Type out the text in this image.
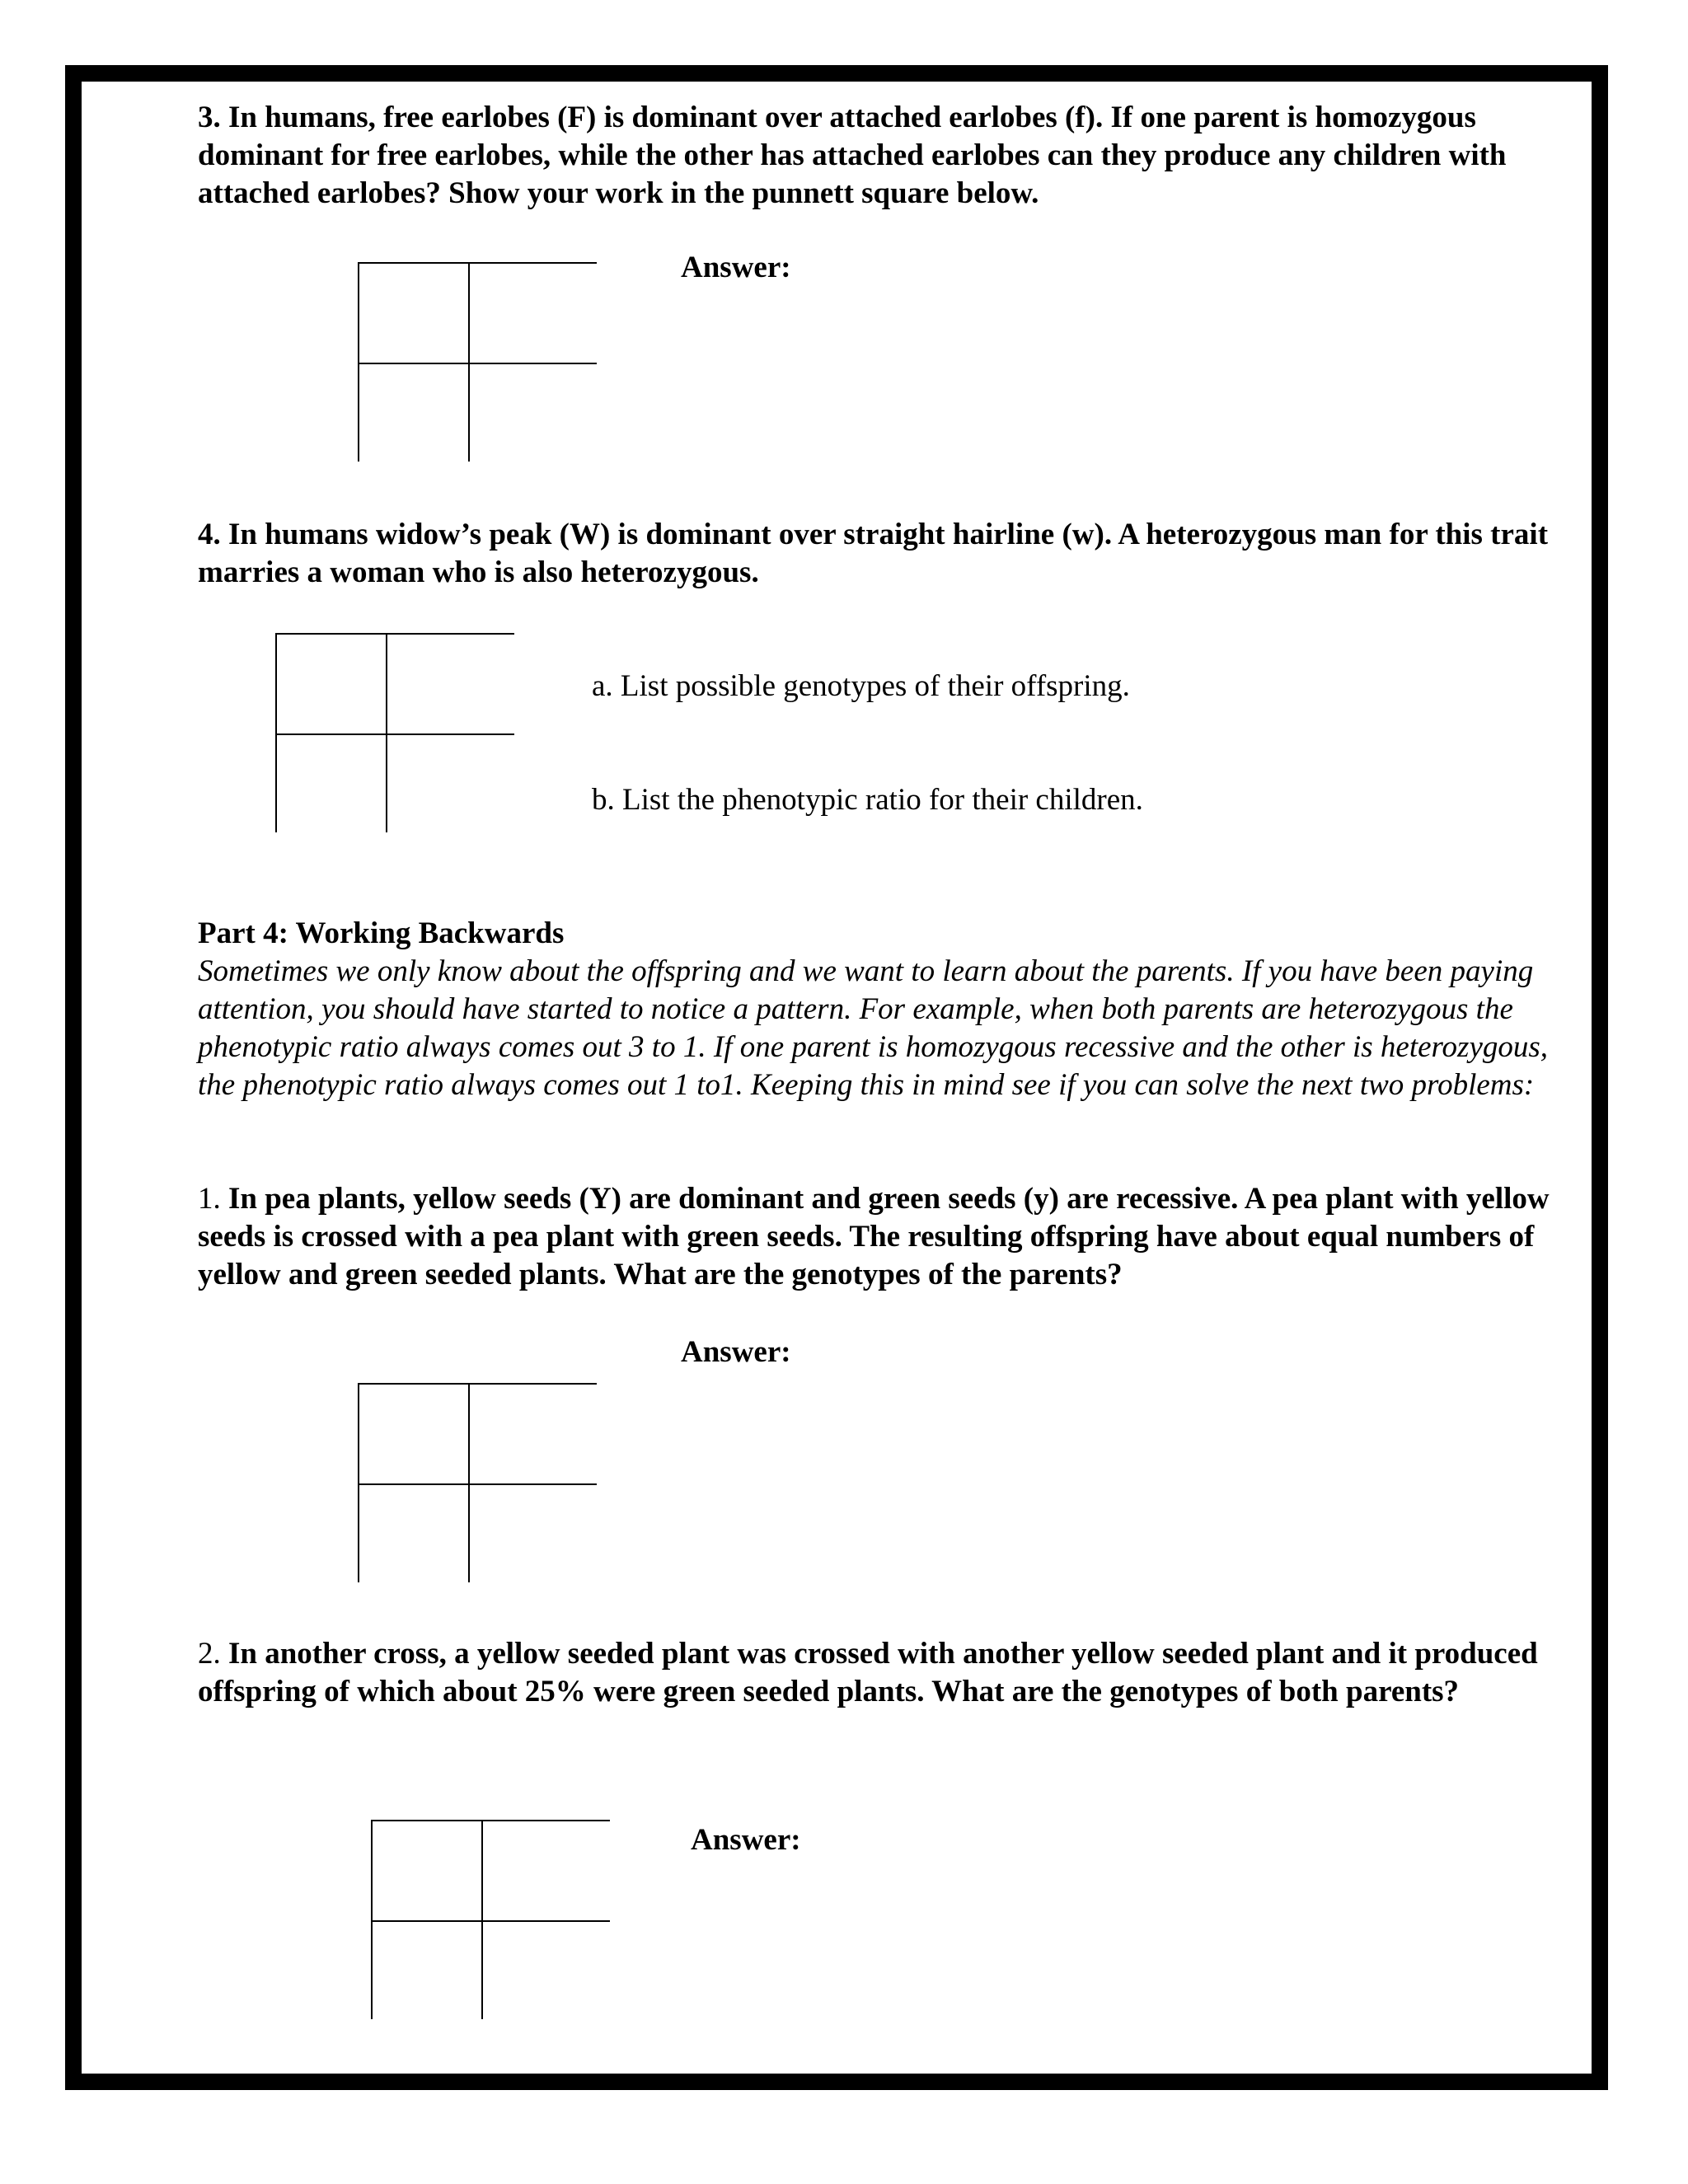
3. In humans, free earlobes (F) is dominant over attached earlobes (f). If one parent is homozygous dominant for free earlobes, while the other has attached earlobes can they produce any children with attached earlobes? Show your work in the punnett square below.

Answer:

4. In humans widow’s peak (W) is dominant over straight hairline (w). A heterozygous man for this trait marries a woman who is also heterozygous.

a. List possible genotypes of their offspring.
b. List the phenotypic ratio for their children.
Part 4: Working Backwards

Sometimes we only know about the offspring and we want to learn about the parents. If you have been paying attention, you should have started to notice a pattern. For example, when both parents are heterozygous the phenotypic ratio always comes out 3 to 1. If one parent is homozygous recessive and the other is heterozygous, the phenotypic ratio always comes out 1 to1. Keeping this in mind see if you can solve the next two problems:

1. In pea plants, yellow seeds (Y) are dominant and green seeds (y) are recessive. A pea plant with yellow seeds is crossed with a pea plant with green seeds. The resulting offspring have about equal numbers of yellow and green seeded plants. What are the genotypes of the parents?

Answer:

2. In another cross, a yellow seeded plant was crossed with another yellow seeded plant and it produced offspring of which about 25% were green seeded plants. What are the genotypes of both parents?

Answer:
